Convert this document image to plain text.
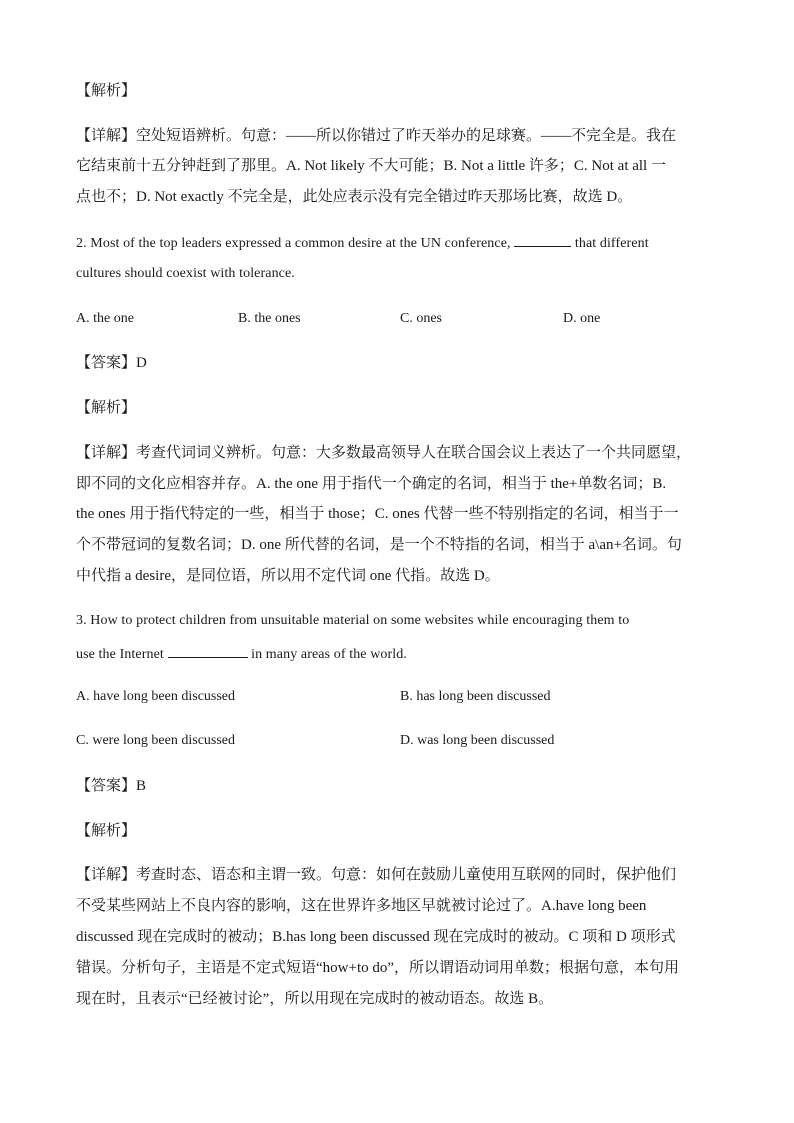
【解析】
【详解】空处短语辨析。句意：——所以你错过了昨天举办的足球赛。——不完全是。我在
它结束前十五分钟赶到了那里。A. Not likely 不大可能；B. Not a little 许多；C. Not at all 一
点也不；D. Not exactly 不完全是，此处应表示没有完全错过昨天那场比赛，故选 D。
2. Most of the top leaders expressed a common desire at the UN conference,	that different
cultures should coexist with tolerance.
A. the one	B. the ones	C. ones	D. one
【答案】D
【解析】
【详解】考查代词词义辨析。句意：大多数最高领导人在联合国会议上表达了一个共同愿望，
即不同的文化应相容并存。A. the one 用于指代一个确定的名词，相当于 the+单数名词；B.
the ones 用于指代特定的一些，相当于 those；C. ones 代替一些不特别指定的名词，相当于一
个不带冠词的复数名词；D. one 所代替的名词，是一个不特指的名词，相当于 a\an+名词。句
中代指 a desire，是同位语，所以用不定代词 one 代指。故选 D。
3. How to protect children from unsuitable material on some websites while encouraging them to
use the Internet	in many areas of the world.
A. have long been discussed	B. has long been discussed
C. were long been discussed	D. was long been discussed
【答案】B
【解析】
【详解】考查时态、语态和主谓一致。句意：如何在鼓励儿童使用互联网的同时，保护他们
不受某些网站上不良内容的影响，这在世界许多地区早就被讨论过了。A.have long been
discussed 现在完成时的被动；B.has long been discussed 现在完成时的被动。C 项和 D 项形式
错误。分析句子，主语是不定式短语“how+to do”，所以谓语动词用单数；根据句意，本句用
现在时，且表示“已经被讨论”，所以用现在完成时的被动语态。故选 B。
